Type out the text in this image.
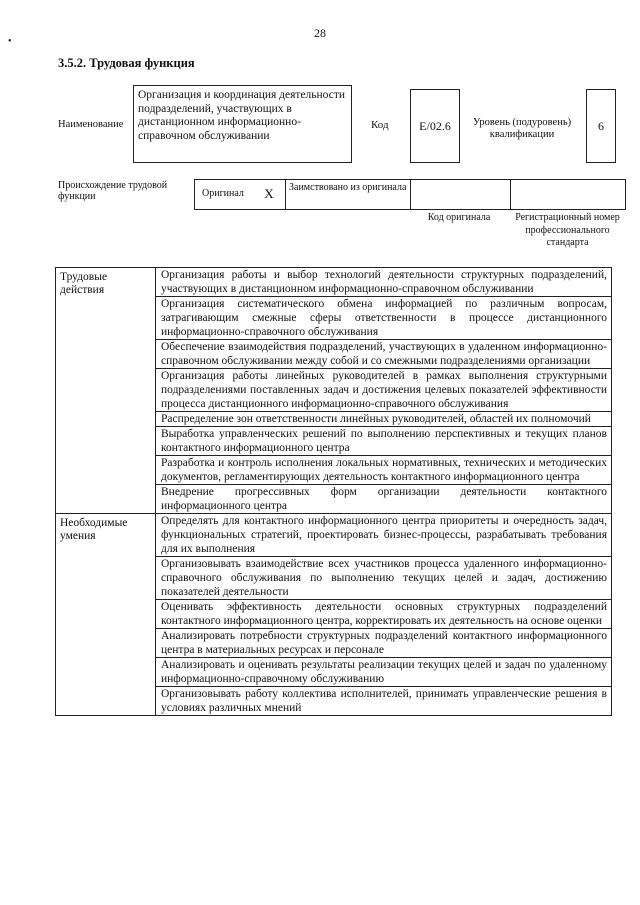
28
•
3.5.2. Трудовая функция
Наименование
Организация и координация деятельности подразделений, участвующих в дистанционном информационно-справочном обслуживании
Код	E/02.6	Уровень (подуровень) квалификации
6
Происхождение трудовой функции	Оригинал	X	Заимствовано из оригинала
Код оригинала	Регистрационный номер профессионального стандарта
Трудовые действия	Организация работы и выбор технологий деятельности структурных подразделений, участвующих в дистанционном информационно-справочном обслуживании
	Организация систематического обмена информацией по различным вопросам, затрагивающим смежные сферы ответственности в процессе дистанционного информационно-справочного обслуживания
	Обеспечение взаимодействия подразделений, участвующих в удаленном информационно-справочном обслуживании между собой и со смежными подразделениями организации
	Организация работы линейных руководителей в рамках выполнения структурными подразделениями поставленных задач и достижения целевых показателей эффективности процесса дистанционного информационно-справочного обслуживания
	Распределение зон ответственности линейных руководителей, областей их полномочий
	Выработка управленческих решений по выполнению перспективных и текущих планов контактного информационного центра
	Разработка и контроль исполнения локальных нормативных, технических и методических документов, регламентирующих деятельность контактного информационного центра
	Внедрение прогрессивных форм организации деятельности контактного информационного центра
Необходимые умения	Определять для контактного информационного центра приоритеты и очередность задач, функциональных стратегий, проектировать бизнес-процессы, разрабатывать требования для их выполнения
	Организовывать взаимодействие всех участников процесса удаленного информационно-справочного обслуживания по выполнению текущих целей и задач, достижению показателей деятельности
	Оценивать эффективность деятельности основных структурных подразделений контактного информационного центра, корректировать их деятельность на основе оценки
	Анализировать потребности структурных подразделений контактного информационного центра в материальных ресурсах и персонале
	Анализировать и оценивать результаты реализации текущих целей и задач по удаленному информационно-справочному обслуживанию
	Организовывать работу коллектива исполнителей, принимать управленческие решения в условиях различных мнений
